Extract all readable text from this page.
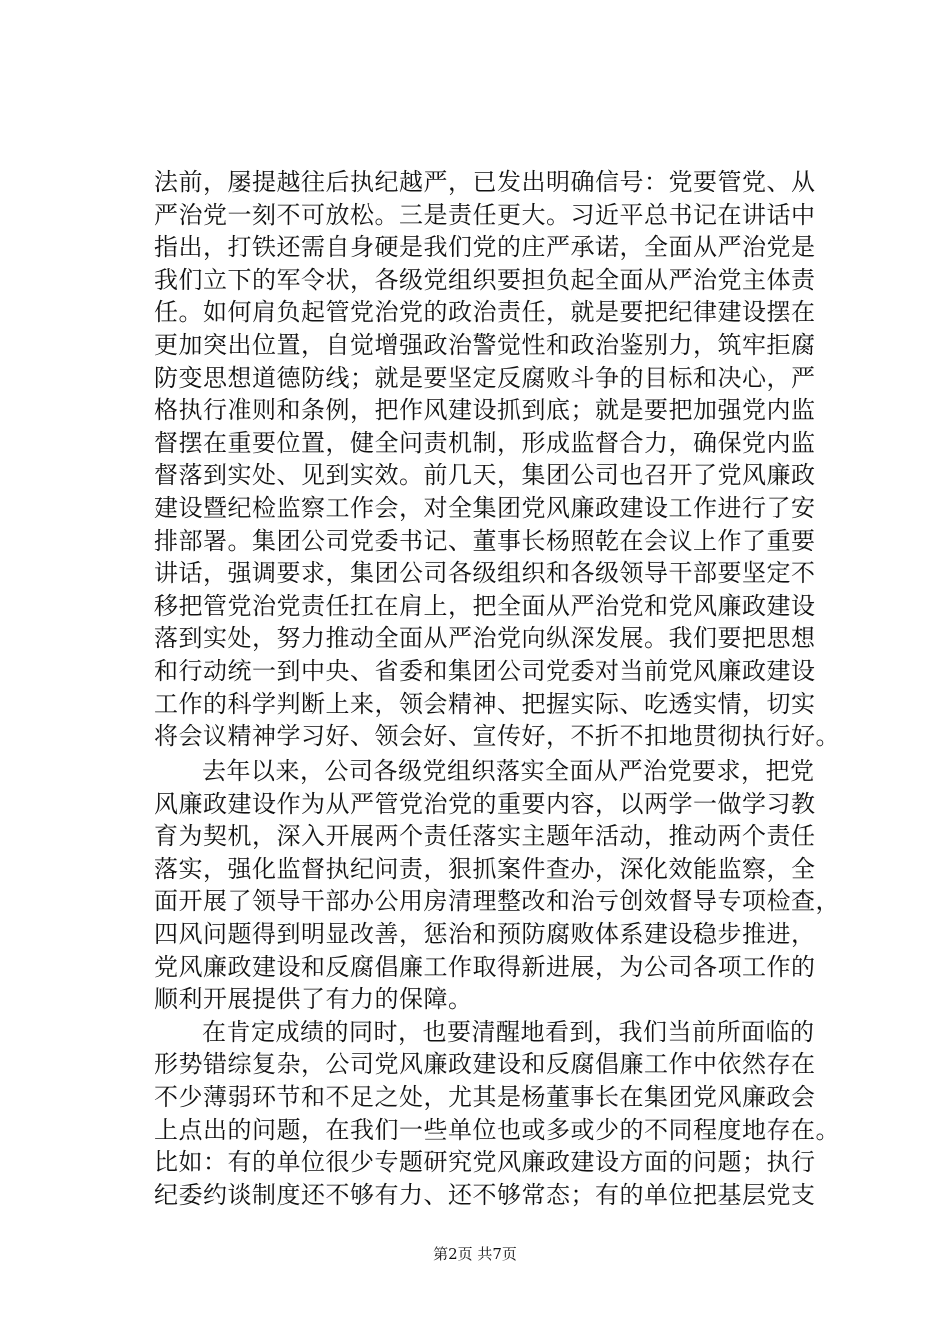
法前，屡提越往后执纪越严，已发出明确信号：党要管党、从
严治党一刻不可放松。三是责任更大。习近平总书记在讲话中
指出，打铁还需自身硬是我们党的庄严承诺，全面从严治党是
我们立下的军令状，各级党组织要担负起全面从严治党主体责
任。如何肩负起管党治党的政治责任，就是要把纪律建设摆在
更加突出位置，自觉增强政治警觉性和政治鉴别力，筑牢拒腐
防变思想道德防线；就是要坚定反腐败斗争的目标和决心，严
格执行准则和条例，把作风建设抓到底；就是要把加强党内监
督摆在重要位置，健全问责机制，形成监督合力，确保党内监
督落到实处、见到实效。前几天，集团公司也召开了党风廉政
建设暨纪检监察工作会，对全集团党风廉政建设工作进行了安
排部署。集团公司党委书记、董事长杨照乾在会议上作了重要
讲话，强调要求，集团公司各级组织和各级领导干部要坚定不
移把管党治党责任扛在肩上，把全面从严治党和党风廉政建设
落到实处，努力推动全面从严治党向纵深发展。我们要把思想
和行动统一到中央、省委和集团公司党委对当前党风廉政建设
工作的科学判断上来，领会精神、把握实际、吃透实情，切实
将会议精神学习好、领会好、宣传好，不折不扣地贯彻执行好。
去年以来，公司各级党组织落实全面从严治党要求，把党
风廉政建设作为从严管党治党的重要内容，以两学一做学习教
育为契机，深入开展两个责任落实主题年活动，推动两个责任
落实，强化监督执纪问责，狠抓案件查办，深化效能监察，全
面开展了领导干部办公用房清理整改和治亏创效督导专项检查，
四风问题得到明显改善，惩治和预防腐败体系建设稳步推进，
党风廉政建设和反腐倡廉工作取得新进展，为公司各项工作的
顺利开展提供了有力的保障。
在肯定成绩的同时，也要清醒地看到，我们当前所面临的
形势错综复杂，公司党风廉政建设和反腐倡廉工作中依然存在
不少薄弱环节和不足之处，尤其是杨董事长在集团党风廉政会
上点出的问题，在我们一些单位也或多或少的不同程度地存在。
比如：有的单位很少专题研究党风廉政建设方面的问题；执行
纪委约谈制度还不够有力、还不够常态；有的单位把基层党支
第2页 共7页
